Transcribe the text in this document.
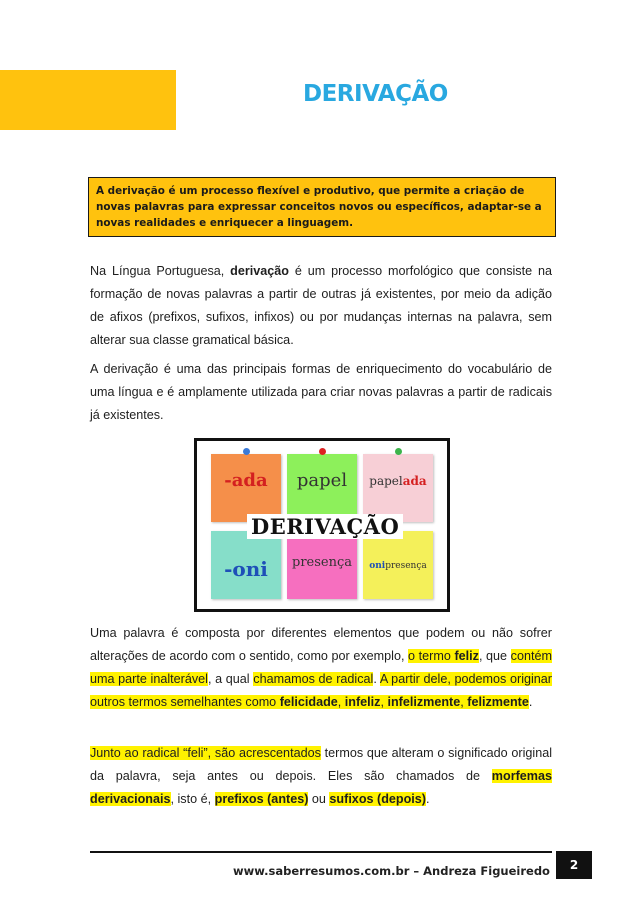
DERIVAÇÃO
A derivação é um processo flexível e produtivo, que permite a criação de novas palavras para expressar conceitos novos ou específicos, adaptar-se a novas realidades e enriquecer a linguagem.

Na Língua Portuguesa, derivação é um processo morfológico que consiste na formação de novas palavras a partir de outras já existentes, por meio da adição de afixos (prefixos, sufixos, infixos) ou por mudanças internas na palavra, sem alterar sua classe gramatical básica.

A derivação é uma das principais formas de enriquecimento do vocabulário de uma língua e é amplamente utilizada para criar novas palavras a partir de radicais já existentes.

-ada	papel	papelada
-oni	presença	onipresença
DERIVAÇÃO

Uma palavra é composta por diferentes elementos que podem ou não sofrer alterações de acordo com o sentido, como por exemplo, o termo feliz, que contém uma parte inalterável, a qual chamamos de radical. A partir dele, podemos originar outros termos semelhantes como felicidade, infeliz, infelizmente, felizmente.

Junto ao radical “feli”, são acrescentados termos que alteram o significado original da palavra, seja antes ou depois. Eles são chamados de morfemas derivacionais, isto é, prefixos (antes) ou sufixos (depois).

www.saberresumos.com.br – Andreza Figueiredo	2
